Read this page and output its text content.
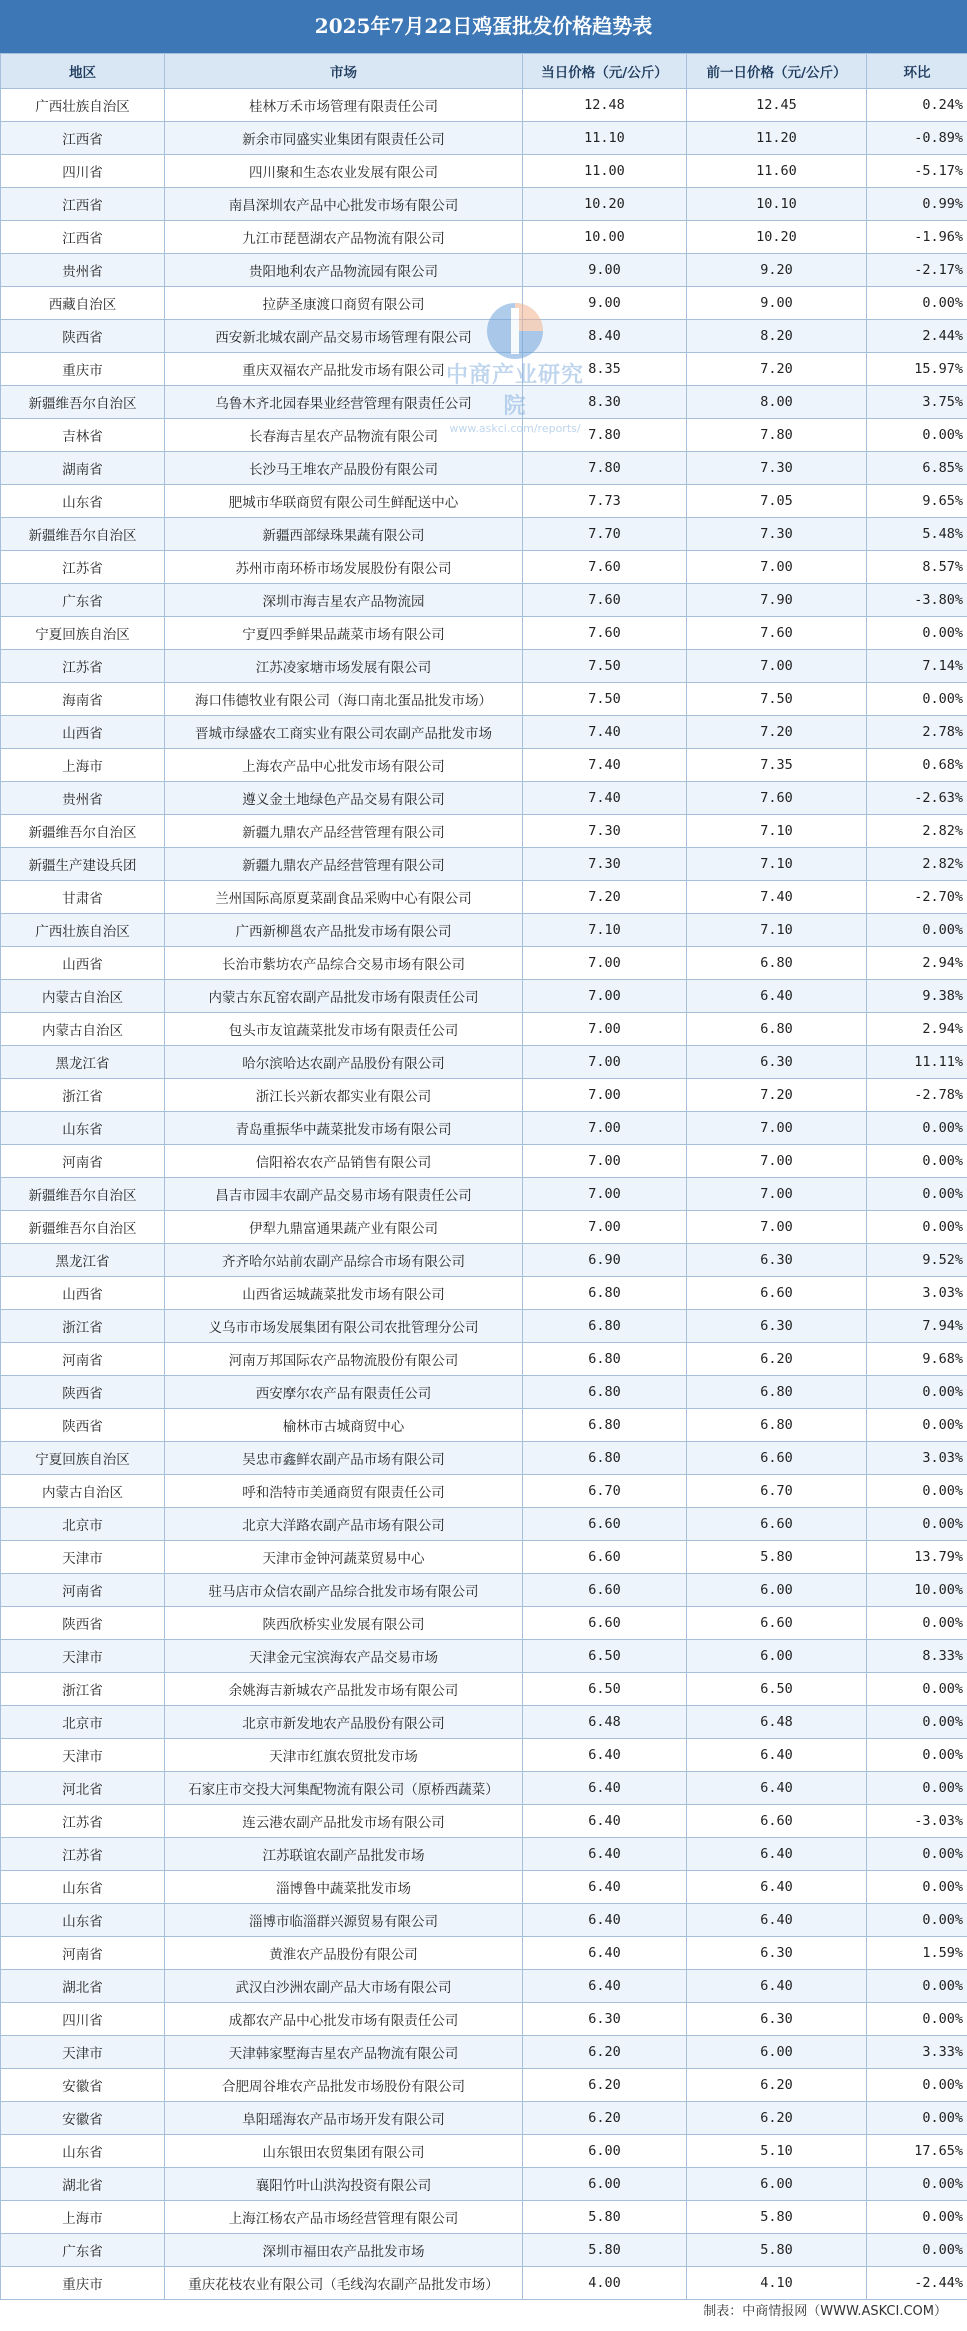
2025年7月22日鸡蛋批发价格趋势表
地区	市场	当日价格（元/公斤）	前一日价格（元/公斤）	环比
广西壮族自治区	桂林万禾市场管理有限责任公司	12.48	12.45	0.24%
江西省	新余市同盛实业集团有限责任公司	11.10	11.20	-0.89%
四川省	四川聚和生态农业发展有限公司	11.00	11.60	-5.17%
江西省	南昌深圳农产品中心批发市场有限公司	10.20	10.10	0.99%
江西省	九江市琵琶湖农产品物流有限公司	10.00	10.20	-1.96%
贵州省	贵阳地利农产品物流园有限公司	9.00	9.20	-2.17%
西藏自治区	拉萨圣康渡口商贸有限公司	9.00	9.00	0.00%
陕西省	西安新北城农副产品交易市场管理有限公司	8.40	8.20	2.44%
重庆市	重庆双福农产品批发市场有限公司	8.35	7.20	15.97%
新疆维吾尔自治区	乌鲁木齐北园春果业经营管理有限责任公司	8.30	8.00	3.75%
吉林省	长春海吉星农产品物流有限公司	7.80	7.80	0.00%
湖南省	长沙马王堆农产品股份有限公司	7.80	7.30	6.85%
山东省	肥城市华联商贸有限公司生鲜配送中心	7.73	7.05	9.65%
新疆维吾尔自治区	新疆西部绿珠果蔬有限公司	7.70	7.30	5.48%
江苏省	苏州市南环桥市场发展股份有限公司	7.60	7.00	8.57%
广东省	深圳市海吉星农产品物流园	7.60	7.90	-3.80%
宁夏回族自治区	宁夏四季鲜果品蔬菜市场有限公司	7.60	7.60	0.00%
江苏省	江苏凌家塘市场发展有限公司	7.50	7.00	7.14%
海南省	海口伟德牧业有限公司（海口南北蛋品批发市场）	7.50	7.50	0.00%
山西省	晋城市绿盛农工商实业有限公司农副产品批发市场	7.40	7.20	2.78%
上海市	上海农产品中心批发市场有限公司	7.40	7.35	0.68%
贵州省	遵义金土地绿色产品交易有限公司	7.40	7.60	-2.63%
新疆维吾尔自治区	新疆九鼎农产品经营管理有限公司	7.30	7.10	2.82%
新疆生产建设兵团	新疆九鼎农产品经营管理有限公司	7.30	7.10	2.82%
甘肃省	兰州国际高原夏菜副食品采购中心有限公司	7.20	7.40	-2.70%
广西壮族自治区	广西新柳邕农产品批发市场有限公司	7.10	7.10	0.00%
山西省	长治市紫坊农产品综合交易市场有限公司	7.00	6.80	2.94%
内蒙古自治区	内蒙古东瓦窑农副产品批发市场有限责任公司	7.00	6.40	9.38%
内蒙古自治区	包头市友谊蔬菜批发市场有限责任公司	7.00	6.80	2.94%
黑龙江省	哈尔滨哈达农副产品股份有限公司	7.00	6.30	11.11%
浙江省	浙江长兴新农都实业有限公司	7.00	7.20	-2.78%
山东省	青岛重振华中蔬菜批发市场有限公司	7.00	7.00	0.00%
河南省	信阳裕农农产品销售有限公司	7.00	7.00	0.00%
新疆维吾尔自治区	昌吉市园丰农副产品交易市场有限责任公司	7.00	7.00	0.00%
新疆维吾尔自治区	伊犁九鼎富通果蔬产业有限公司	7.00	7.00	0.00%
黑龙江省	齐齐哈尔站前农副产品综合市场有限公司	6.90	6.30	9.52%
山西省	山西省运城蔬菜批发市场有限公司	6.80	6.60	3.03%
浙江省	义乌市市场发展集团有限公司农批管理分公司	6.80	6.30	7.94%
河南省	河南万邦国际农产品物流股份有限公司	6.80	6.20	9.68%
陕西省	西安摩尔农产品有限责任公司	6.80	6.80	0.00%
陕西省	榆林市古城商贸中心	6.80	6.80	0.00%
宁夏回族自治区	吴忠市鑫鲜农副产品市场有限公司	6.80	6.60	3.03%
内蒙古自治区	呼和浩特市美通商贸有限责任公司	6.70	6.70	0.00%
北京市	北京大洋路农副产品市场有限公司	6.60	6.60	0.00%
天津市	天津市金钟河蔬菜贸易中心	6.60	5.80	13.79%
河南省	驻马店市众信农副产品综合批发市场有限公司	6.60	6.00	10.00%
陕西省	陕西欣桥实业发展有限公司	6.60	6.60	0.00%
天津市	天津金元宝滨海农产品交易市场	6.50	6.00	8.33%
浙江省	余姚海吉新城农产品批发市场有限公司	6.50	6.50	0.00%
北京市	北京市新发地农产品股份有限公司	6.48	6.48	0.00%
天津市	天津市红旗农贸批发市场	6.40	6.40	0.00%
河北省	石家庄市交投大河集配物流有限公司（原桥西蔬菜）	6.40	6.40	0.00%
江苏省	连云港农副产品批发市场有限公司	6.40	6.60	-3.03%
江苏省	江苏联谊农副产品批发市场	6.40	6.40	0.00%
山东省	淄博鲁中蔬菜批发市场	6.40	6.40	0.00%
山东省	淄博市临淄群兴源贸易有限公司	6.40	6.40	0.00%
河南省	黄淮农产品股份有限公司	6.40	6.30	1.59%
湖北省	武汉白沙洲农副产品大市场有限公司	6.40	6.40	0.00%
四川省	成都农产品中心批发市场有限责任公司	6.30	6.30	0.00%
天津市	天津韩家墅海吉星农产品物流有限公司	6.20	6.00	3.33%
安徽省	合肥周谷堆农产品批发市场股份有限公司	6.20	6.20	0.00%
安徽省	阜阳瑶海农产品市场开发有限公司	6.20	6.20	0.00%
山东省	山东银田农贸集团有限公司	6.00	5.10	17.65%
湖北省	襄阳竹叶山洪沟投资有限公司	6.00	6.00	0.00%
上海市	上海江杨农产品市场经营管理有限公司	5.80	5.80	0.00%
广东省	深圳市福田农产品批发市场	5.80	5.80	0.00%
重庆市	重庆花枝农业有限公司（毛线沟农副产品批发市场）	4.00	4.10	-2.44%
中商产业研究院
www.askci.com/reports/
制表：中商情报网（WWW.ASKCI.COM）
